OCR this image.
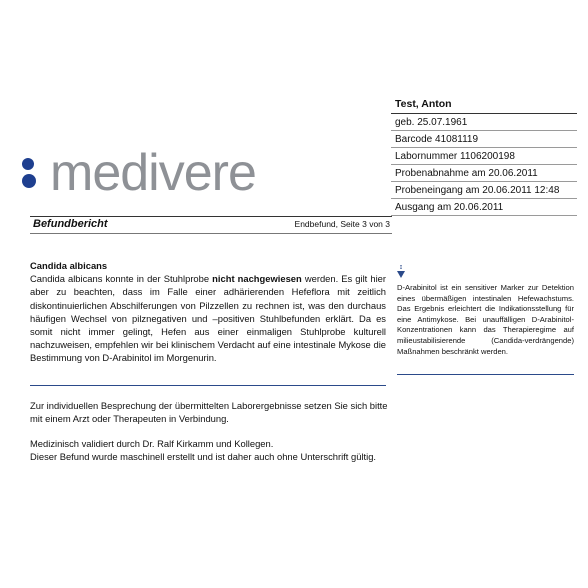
Test, Anton
geb. 25.07.1961
Barcode 41081119
Labornummer 1106200198
Probenabnahme am 20.06.2011
Probeneingang am 20.06.2011 12:48
Ausgang am 20.06.2011
medivere
Befundbericht	Endbefund, Seite 3 von 3
Candida albicans
Candida albicans konnte in der Stuhlprobe nicht nachgewiesen werden. Es gilt hier aber zu beachten, dass im Falle einer adhärierenden Hefeflora mit zeitlich diskontinuierlichen Abschilferungen von Pilzzellen zu rechnen ist, was den durchaus häufigen Wechsel von pilznegativen und –positiven Stuhlbefunden erklärt. Da es somit nicht immer gelingt, Hefen aus einer einmaligen Stuhlprobe kulturell nachzuweisen, empfehlen wir bei klinischem Verdacht auf eine intestinale Mykose die Bestimmung von D-Arabinitol im Morgenurin.
Zur individuellen Besprechung der übermittelten Laborergebnisse setzen Sie sich bitte mit einem Arzt oder Therapeuten in Verbindung.
Medizinisch validiert durch Dr. Ralf Kirkamm und Kollegen.
Dieser Befund wurde maschinell erstellt und ist daher auch ohne Unterschrift gültig.
D-Arabinitol ist ein sensitiver Marker zur Detektion eines übermäßigen intestinalen Hefewachstums. Das Ergebnis erleichtert die Indikationsstellung für eine Antimykose. Bei unauffälligen D-Arabinitol-Konzentrationen kann das Therapieregime auf milieustabilisierende (Candida-verdrängende) Maßnahmen beschränkt werden.
